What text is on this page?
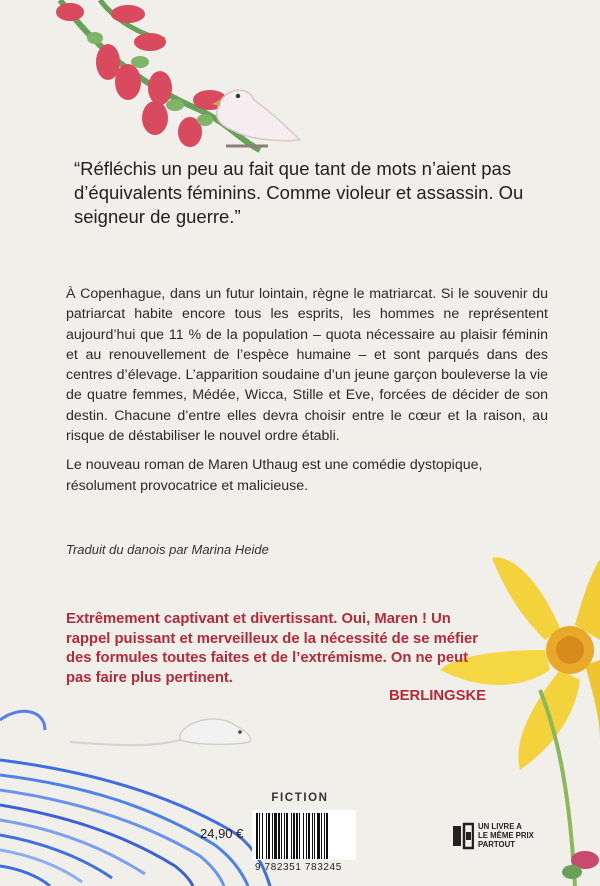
“Réfléchis un peu au fait que tant de mots n’aient pas d’équivalents féminins. Comme violeur et assassin. Ou seigneur de guerre.”

À Copenhague, dans un futur lointain, règne le matriarcat. Si le souvenir du patriarcat habite encore tous les esprits, les hommes ne représentent aujourd’hui que 11 % de la population – quota nécessaire au plaisir féminin et au renouvellement de l’espèce humaine – et sont parqués dans des centres d’élevage. L’apparition soudaine d’un jeune garçon bouleverse la vie de quatre femmes, Médée, Wicca, Stille et Eve, forcées de décider de son destin. Chacune d’entre elles devra choisir entre le cœur et la raison, au risque de déstabiliser le nouvel ordre établi.

Le nouveau roman de Maren Uthaug est une comédie dystopique, résolument provocatrice et malicieuse.

Traduit du danois par Marina Heide
Extrêmement captivant et divertissant. Oui, Maren ! Un rappel puissant et merveilleux de la nécessité de se méfier des formules toutes faites et de l’extrémisme. On ne peut pas faire plus pertinent.
BERLINGSKE
FICTION
24,90 €
9 782351 783245
UN LIVRE A
LE MÊME PRIX
PARTOUT
